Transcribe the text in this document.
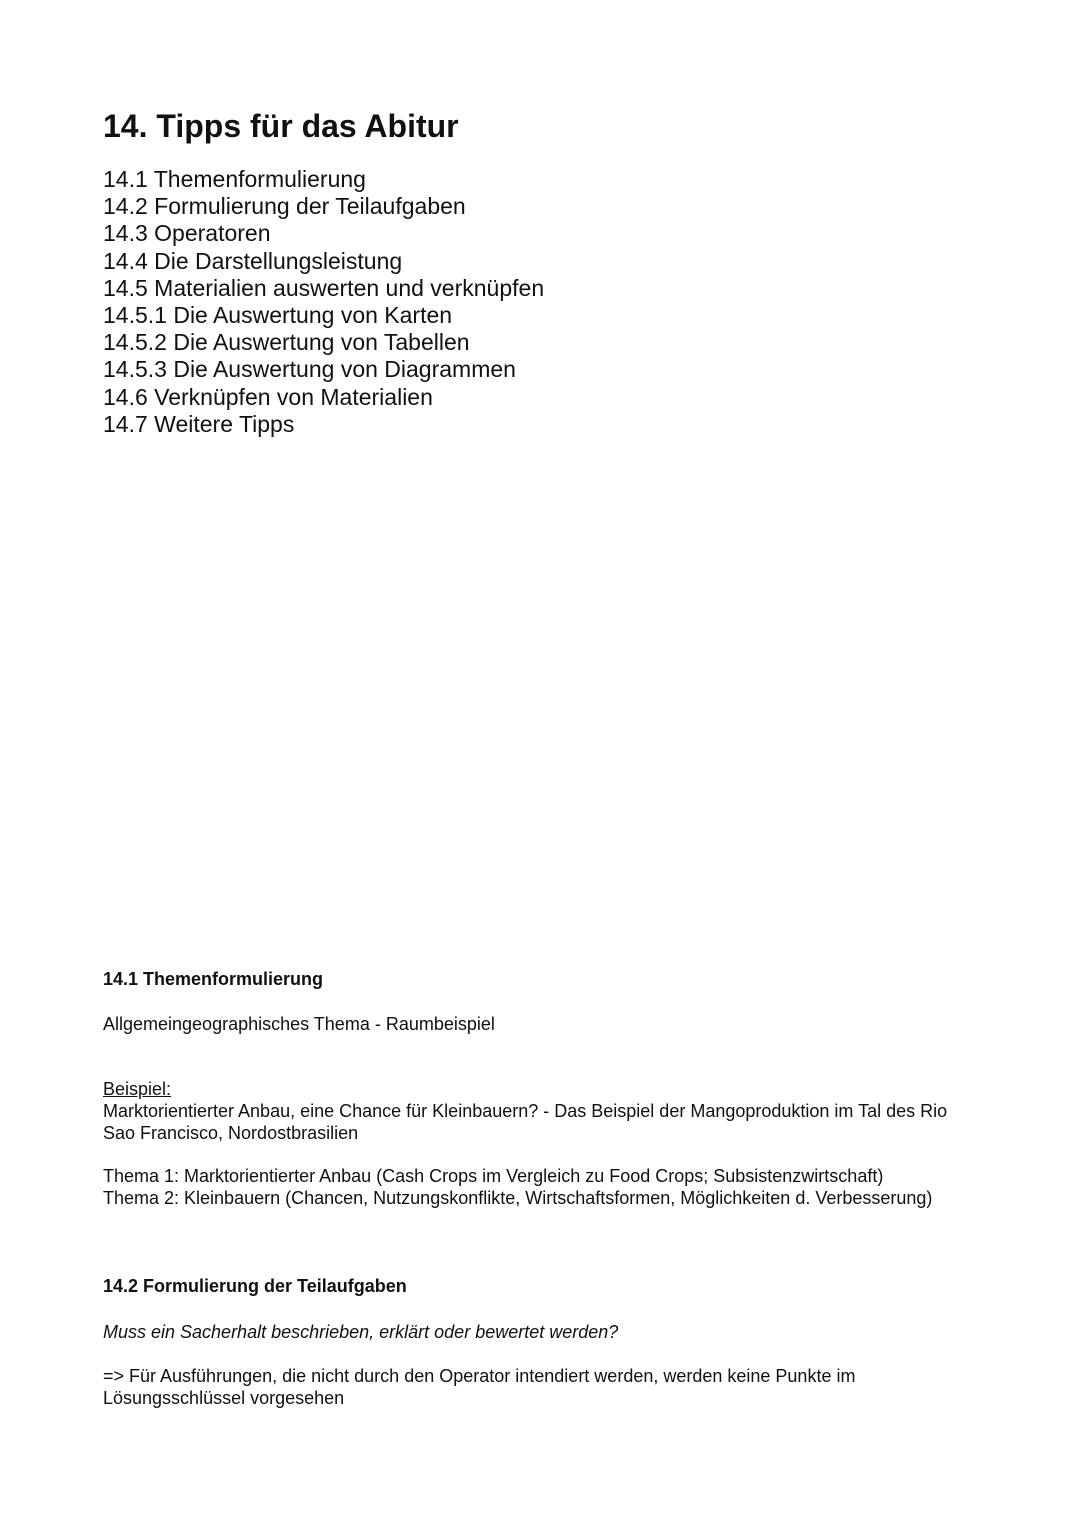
14. Tipps für das Abitur
14.1 Themenformulierung
14.2 Formulierung der Teilaufgaben
14.3 Operatoren
14.4 Die Darstellungsleistung
14.5 Materialien auswerten und verknüpfen
14.5.1 Die Auswertung von Karten
14.5.2 Die Auswertung von Tabellen
14.5.3 Die Auswertung von Diagrammen
14.6 Verknüpfen von Materialien
14.7 Weitere Tipps
14.1 Themenformulierung
Allgemeingeographisches Thema - Raumbeispiel
Beispiel:
Marktorientierter Anbau, eine Chance für Kleinbauern? - Das Beispiel der Mangoproduktion im Tal des Rio Sao Francisco, Nordostbrasilien
Thema 1: Marktorientierter Anbau (Cash Crops im Vergleich zu Food Crops; Subsistenzwirtschaft)
Thema 2: Kleinbauern (Chancen, Nutzungskonflikte, Wirtschaftsformen, Möglichkeiten d. Verbesserung)
14.2 Formulierung der Teilaufgaben
Muss ein Sacherhalt beschrieben, erklärt oder bewertet werden?
=> Für Ausführungen, die nicht durch den Operator intendiert werden, werden keine Punkte im Lösungsschlüssel vorgesehen
